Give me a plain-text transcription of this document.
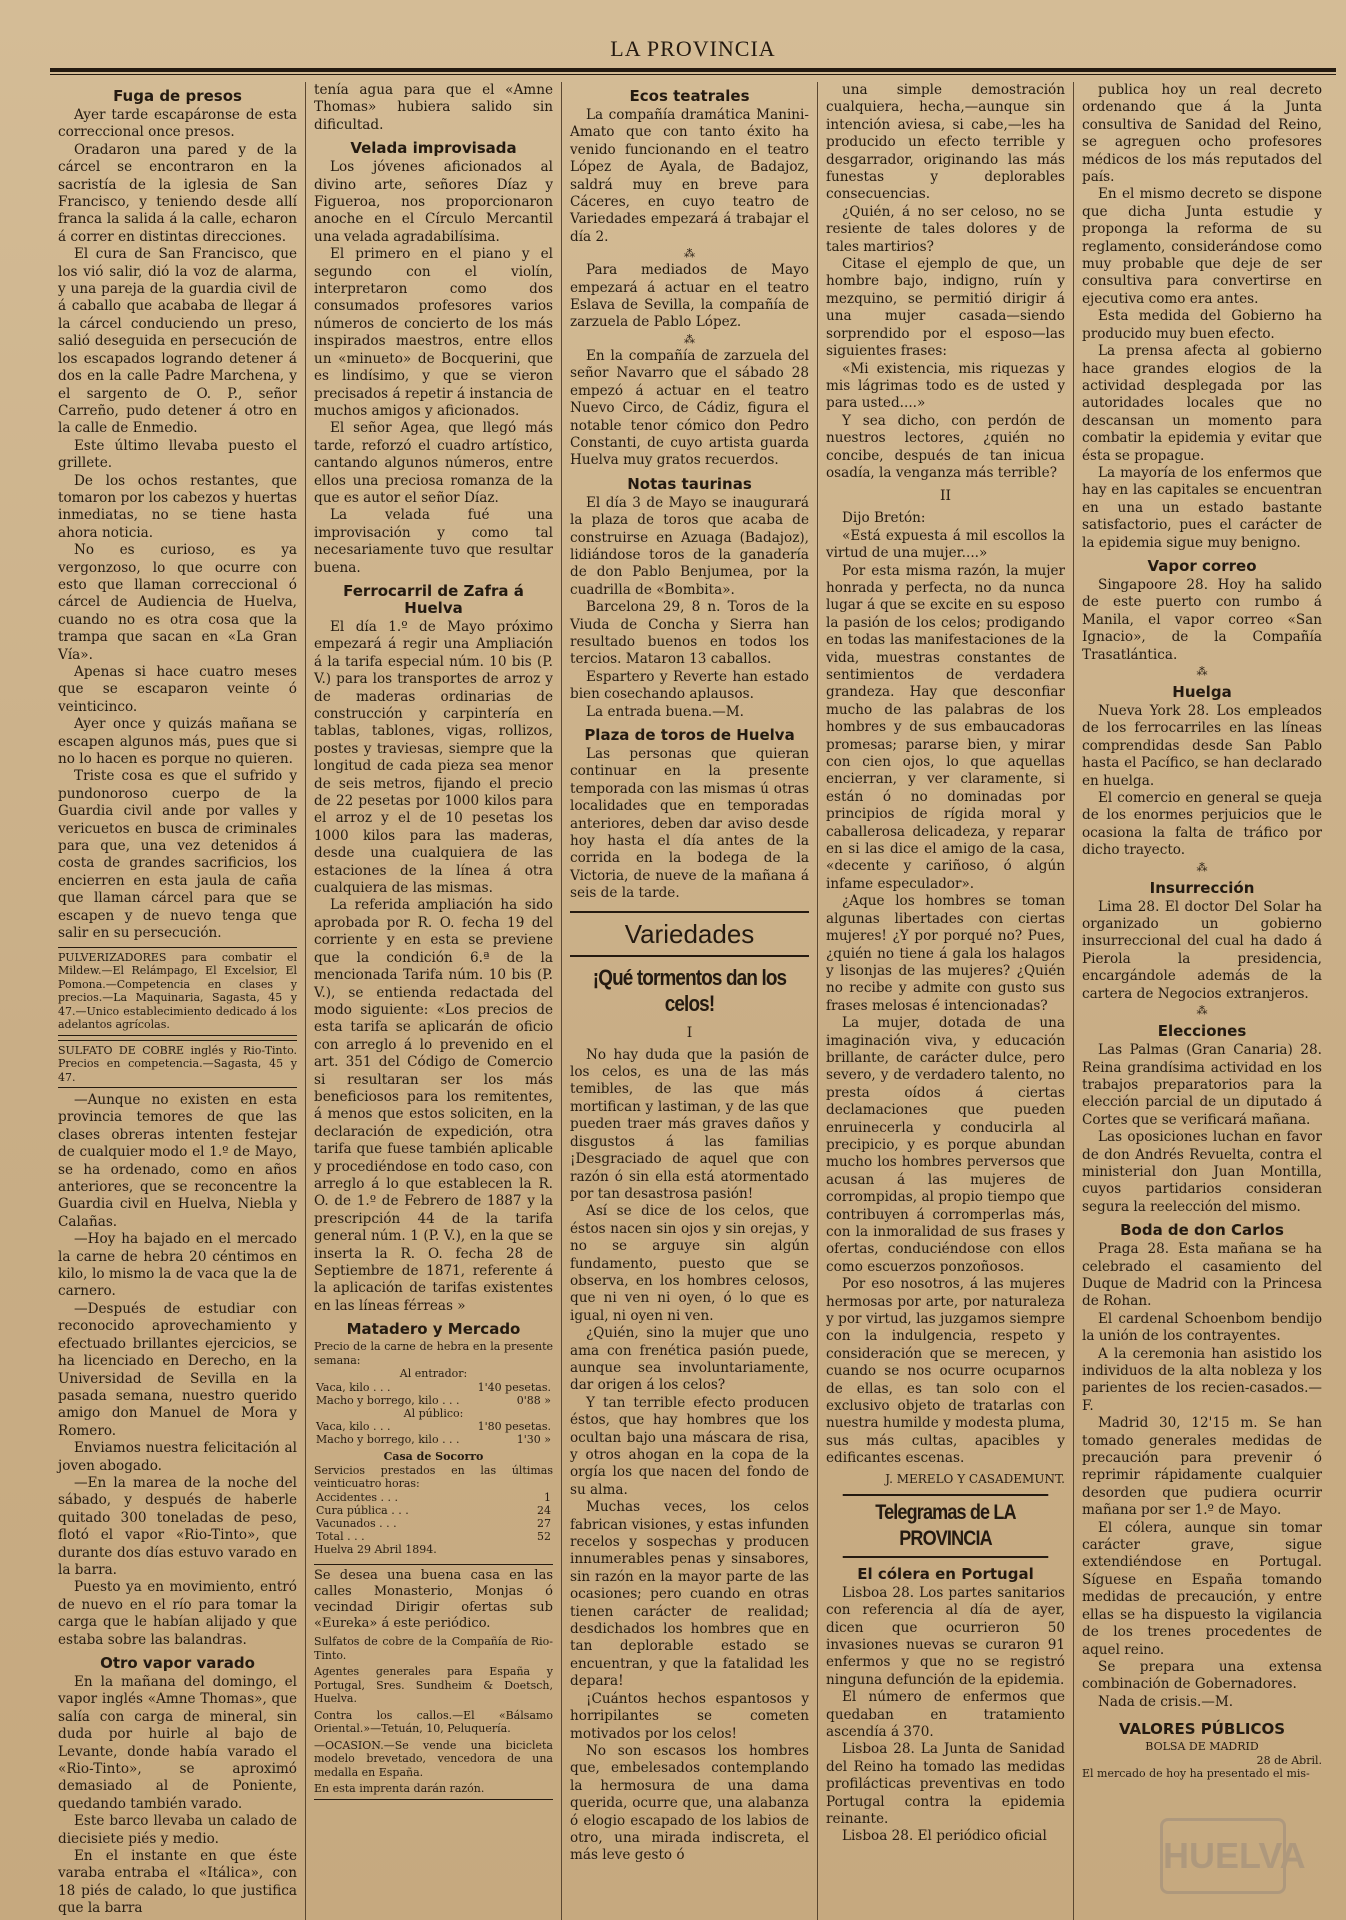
LA PROVINCIA
Fuga de presos

Ayer tarde escapáronse de esta correccional once presos.

Oradaron una pared y de la cárcel se encontraron en la sacristía de la iglesia de San Francisco, y teniendo desde allí franca la salida á la calle, echaron á correr en distintas direcciones.

El cura de San Francisco, que los vió salir, dió la voz de alarma, y una pareja de la guardia civil de á caballo que acababa de llegar á la cárcel conduciendo un preso, salió deseguida en persecución de los escapados logrando detener á dos en la calle Padre Marchena, y el sargento de O. P., señor Carreño, pudo detener á otro en la calle de Enmedio.

Este último llevaba puesto el grillete.

De los ochos restantes, que tomaron por los cabezos y huertas inmediatas, no se tiene hasta ahora noticia.

No es curioso, es ya vergonzoso, lo que ocurre con esto que llaman correccional ó cárcel de Audiencia de Huelva, cuando no es otra cosa que la trampa que sacan en «La Gran Vía».

Apenas si hace cuatro meses que se escaparon veinte ó veinticinco.

Ayer once y quizás mañana se escapen algunos más, pues que si no lo hacen es porque no quieren.

Triste cosa es que el sufrido y pundonoroso cuerpo de la Guardia civil ande por valles y vericuetos en busca de criminales para que, una vez detenidos á costa de grandes sacrificios, los encierren en esta jaula de caña que llaman cárcel para que se escapen y de nuevo tenga que salir en su persecución.

PULVERIZADORES para combatir el Mildew.—El Relámpago, El Excelsior, El Pomona.—Competencia en clases y precios.—La Maquinaria, Sagasta, 45 y 47.—Unico establecimiento dedicado á los adelantos agrícolas.

SULFATO DE COBRE inglés y Rio-Tinto. Precios en competencia.—Sagasta, 45 y 47.

—Aunque no existen en esta provincia temores de que las clases obreras intenten festejar de cualquier modo el 1.º de Mayo, se ha ordenado, como en años anteriores, que se reconcentre la Guardia civil en Huelva, Niebla y Calañas.

—Hoy ha bajado en el mercado la carne de hebra 20 céntimos en kilo, lo mismo la de vaca que la de carnero.

—Después de estudiar con reconocido aprovechamiento y efectuado brillantes ejercicios, se ha licenciado en Derecho, en la Universidad de Sevilla en la pasada semana, nuestro querido amigo don Manuel de Mora y Romero.

Enviamos nuestra felicitación al joven abogado.

—En la marea de la noche del sábado, y después de haberle quitado 300 toneladas de peso, flotó el vapor «Rio-Tinto», que durante dos días estuvo varado en la barra.

Puesto ya en movimiento, entró de nuevo en el río para tomar la carga que le habían alijado y que estaba sobre las balandras.

Otro vapor varado

En la mañana del domingo, el vapor inglés «Amne Thomas», que salía con carga de mineral, sin duda por huirle al bajo de Levante, donde había varado el «Rio-Tinto», se aproximó demasiado al de Poniente, quedando también varado.

Este barco llevaba un calado de diecisiete piés y medio.

En el instante en que éste varaba entraba el «Itálica», con 18 piés de calado, lo que justifica que la barra

tenía agua para que el «Amne Thomas» hubiera salido sin dificultad.

Velada improvisada

Los jóvenes aficionados al divino arte, señores Díaz y Figueroa, nos proporcionaron anoche en el Círculo Mercantil una velada agradabilísima.

El primero en el piano y el segundo con el violín, interpretaron como dos consumados profesores varios números de concierto de los más inspirados maestros, entre ellos un «minueto» de Bocquerini, que es lindísimo, y que se vieron precisados á repetir á instancia de muchos amigos y aficionados.

El señor Agea, que llegó más tarde, reforzó el cuadro artístico, cantando algunos números, entre ellos una preciosa romanza de la que es autor el señor Díaz.

La velada fué una improvisación y como tal necesariamente tuvo que resultar buena.

Ferrocarril de Zafra á Huelva

El día 1.º de Mayo próximo empezará á regir una Ampliación á la tarifa especial núm. 10 bis (P. V.) para los transportes de arroz y de maderas ordinarias de construcción y carpintería en tablas, tablones, vigas, rollizos, postes y traviesas, siempre que la longitud de cada pieza sea menor de seis metros, fijando el precio de 22 pesetas por 1000 kilos para el arroz y el de 10 pesetas los 1000 kilos para las maderas, desde una cualquiera de las estaciones de la línea á otra cualquiera de las mismas.

La referida ampliación ha sido aprobada por R. O. fecha 19 del corriente y en esta se previene que la condición 6.ª de la mencionada Tarifa núm. 10 bis (P. V.), se entienda redactada del modo siguiente: «Los precios de esta tarifa se aplicarán de oficio con arreglo á lo prevenido en el art. 351 del Código de Comercio si resultaran ser los más beneficiosos para los remitentes, á menos que estos soliciten, en la declaración de expedición, otra tarifa que fuese también aplicable y procediéndose en todo caso, con arreglo á lo que establecen la R. O. de 1.º de Febrero de 1887 y la prescripción 44 de la tarifa general núm. 1 (P. V.), en la que se inserta la R. O. fecha 28 de Septiembre de 1871, referente á la aplicación de tarifas existentes en las líneas férreas »

Matadero y Mercado

Precio de la carne de hebra en la presente semana:

Al entrador:

Vaca, kilo . . .	1'40 pesetas.
Macho y borrego, kilo . . .	0'88 »

Al público:

Vaca, kilo . . .	1'80 pesetas.
Macho y borrego, kilo . . .	1'30 »

Casa de Socorro

Servicios prestados en las últimas veinticuatro horas:

Accidentes . . .	1
Cura pública . . .	24
Vacunados . . .	27
Total . . .	52

Huelva 29 Abril 1894.

Se desea una buena casa en las calles Monasterio, Monjas ó vecindad Dirigir ofertas sub «Eureka» á este periódico.

Sulfatos de cobre de la Compañía de Rio-Tinto.

Agentes generales para España y Portugal, Sres. Sundheim & Doetsch, Huelva.

Contra los callos.—El «Bálsamo Oriental.»—Tetuán, 10, Peluquería.

—OCASION.—Se vende una bicicleta modelo brevetado, vencedora de una medalla en España.

En esta imprenta darán razón.

Ecos teatrales

La compañía dramática Manini-Amato que con tanto éxito ha venido funcionando en el teatro López de Ayala, de Badajoz, saldrá muy en breve para Cáceres, en cuyo teatro de Variedades empezará á trabajar el día 2.

⁂

Para mediados de Mayo empezará á actuar en el teatro Eslava de Sevilla, la compañía de zarzuela de Pablo López.

⁂

En la compañía de zarzuela del señor Navarro que el sábado 28 empezó á actuar en el teatro Nuevo Circo, de Cádiz, figura el notable tenor cómico don Pedro Constanti, de cuyo artista guarda Huelva muy gratos recuerdos.

Notas taurinas

El día 3 de Mayo se inaugurará la plaza de toros que acaba de construirse en Azuaga (Badajoz), lidiándose toros de la ganadería de don Pablo Benjumea, por la cuadrilla de «Bombita».

Barcelona 29, 8 n. Toros de la Viuda de Concha y Sierra han resultado buenos en todos los tercios. Mataron 13 caballos.

Espartero y Reverte han estado bien cosechando aplausos.

La entrada buena.—M.

Plaza de toros de Huelva

Las personas que quieran continuar en la presente temporada con las mismas ú otras localidades que en temporadas anteriores, deben dar aviso desde hoy hasta el día antes de la corrida en la bodega de la Victoria, de nueve de la mañana á seis de la tarde.

Variedades
¡Qué tormentos dan los celos!
I

No hay duda que la pasión de los celos, es una de las más temibles, de las que más mortifican y lastiman, y de las que pueden traer más graves daños y disgustos á las familias ¡Desgraciado de aquel que con razón ó sin ella está atormentado por tan desastrosa pasión!

Así se dice de los celos, que éstos nacen sin ojos y sin orejas, y no se arguye sin algún fundamento, puesto que se observa, en los hombres celosos, que ni ven ni oyen, ó lo que es igual, ni oyen ni ven.

¿Quién, sino la mujer que uno ama con frenética pasión puede, aunque sea involuntariamente, dar origen á los celos?

Y tan terrible efecto producen éstos, que hay hombres que los ocultan bajo una máscara de risa, y otros ahogan en la copa de la orgía los que nacen del fondo de su alma.

Muchas veces, los celos fabrican visiones, y estas infunden recelos y sospechas y producen innumerables penas y sinsabores, sin razón en la mayor parte de las ocasiones; pero cuando en otras tienen carácter de realidad; desdichados los hombres que en tan deplorable estado se encuentran, y que la fatalidad les depara!

¡Cuántos hechos espantosos y horripilantes se cometen motivados por los celos!

No son escasos los hombres que, embelesados contemplando la hermosura de una dama querida, ocurre que, una alabanza ó elogio escapado de los labios de otro, una mirada indiscreta, el más leve gesto ó

una simple demostración cualquiera, hecha,—aunque sin intención aviesa, si cabe,—les ha producido un efecto terrible y desgarrador, originando las más funestas y deplorables consecuencias.

¿Quién, á no ser celoso, no se resiente de tales dolores y de tales martirios?

Citase el ejemplo de que, un hombre bajo, indigno, ruín y mezquino, se permitió dirigir á una mujer casada—siendo sorprendido por el esposo—las siguientes frases:

«Mi existencia, mis riquezas y mis lágrimas todo es de usted y para usted....»

Y sea dicho, con perdón de nuestros lectores, ¿quién no concibe, después de tan inicua osadía, la venganza más terrible?

II

Dijo Bretón:

«Está expuesta á mil escollos la virtud de una mujer....»

Por esta misma razón, la mujer honrada y perfecta, no da nunca lugar á que se excite en su esposo la pasión de los celos; prodigando en todas las manifestaciones de la vida, muestras constantes de sentimientos de verdadera grandeza. Hay que desconfiar mucho de las palabras de los hombres y de sus embaucadoras promesas; pararse bien, y mirar con cien ojos, lo que aquellas encierran, y ver claramente, si están ó no dominadas por principios de rígida moral y caballerosa delicadeza, y reparar en si las dice el amigo de la casa, «decente y cariñoso, ó algún infame especulador».

¿Aque los hombres se toman algunas libertades con ciertas mujeres! ¿Y por porqué no? Pues, ¿quién no tiene á gala los halagos y lisonjas de las mujeres? ¿Quién no recibe y admite con gusto sus frases melosas é intencionadas?

La mujer, dotada de una imaginación viva, y educación brillante, de carácter dulce, pero severo, y de verdadero talento, no presta oídos á ciertas declamaciones que pueden enruinecerla y conducirla al precipicio, y es porque abundan mucho los hombres perversos que acusan á las mujeres de corrompidas, al propio tiempo que contribuyen á corromperlas más, con la inmoralidad de sus frases y ofertas, conduciéndose con ellos como escuerzos ponzoñosos.

Por eso nosotros, á las mujeres hermosas por arte, por naturaleza y por virtud, las juzgamos siempre con la indulgencia, respeto y consideración que se merecen, y cuando se nos ocurre ocuparnos de ellas, es tan solo con el exclusivo objeto de tratarlas con nuestra humilde y modesta pluma, sus más cultas, apacibles y edificantes escenas.

J. MERELO Y CASADEMUNT.
Telegramas de LA PROVINCIA
El cólera en Portugal

Lisboa 28. Los partes sanitarios con referencia al día de ayer, dicen que ocurrieron 50 invasiones nuevas se curaron 91 enfermos y que no se registró ninguna defunción de la epidemia.

El número de enfermos que quedaban en tratamiento ascendía á 370.

Lisboa 28. La Junta de Sanidad del Reino ha tomado las medidas profilácticas preventivas en todo Portugal contra la epidemia reinante.

Lisboa 28. El periódico oficial

publica hoy un real decreto ordenando que á la Junta consultiva de Sanidad del Reino, se agreguen ocho profesores médicos de los más reputados del país.

En el mismo decreto se dispone que dicha Junta estudie y proponga la reforma de su reglamento, considerándose como muy probable que deje de ser consultiva para convertirse en ejecutiva como era antes.

Esta medida del Gobierno ha producido muy buen efecto.

La prensa afecta al gobierno hace grandes elogios de la actividad desplegada por las autoridades locales que no descansan un momento para combatir la epidemia y evitar que ésta se propague.

La mayoría de los enfermos que hay en las capitales se encuentran en una un estado bastante satisfactorio, pues el carácter de la epidemia sigue muy benigno.

Vapor correo

Singapoore 28. Hoy ha salido de este puerto con rumbo á Manila, el vapor correo «San Ignacio», de la Compañía Trasatlántica.

⁂
Huelga

Nueva York 28. Los empleados de los ferrocarriles en las líneas comprendidas desde San Pablo hasta el Pacífico, se han declarado en huelga.

El comercio en general se queja de los enormes perjuicios que le ocasiona la falta de tráfico por dicho trayecto.

⁂
Insurrección

Lima 28. El doctor Del Solar ha organizado un gobierno insurreccional del cual ha dado á Pierola la presidencia, encargándole además de la cartera de Negocios extranjeros.

⁂
Elecciones

Las Palmas (Gran Canaria) 28. Reina grandísima actividad en los trabajos preparatorios para la elección parcial de un diputado á Cortes que se verificará mañana.

Las oposiciones luchan en favor de don Andrés Revuelta, contra el ministerial don Juan Montilla, cuyos partidarios consideran segura la reelección del mismo.

Boda de don Carlos

Praga 28. Esta mañana se ha celebrado el casamiento del Duque de Madrid con la Princesa de Rohan.

El cardenal Schoenbom bendijo la unión de los contrayentes.

A la ceremonia han asistido los individuos de la alta nobleza y los parientes de los recien-casados.—F.

Madrid 30, 12'15 m. Se han tomado generales medidas de precaución para prevenir ó reprimir rápidamente cualquier desorden que pudiera ocurrir mañana por ser 1.º de Mayo.

El cólera, aunque sin tomar carácter grave, sigue extendiéndose en Portugal. Síguese en España tomando medidas de precaución, y entre ellas se ha dispuesto la vigilancia de los trenes procedentes de aquel reino.

Se prepara una extensa combinación de Gobernadores.

Nada de crisis.—M.

VALORES PÚBLICOS

BOLSA DE MADRID

28 de Abril.

El mercado de hoy ha presentado el mis-

HUELVA
